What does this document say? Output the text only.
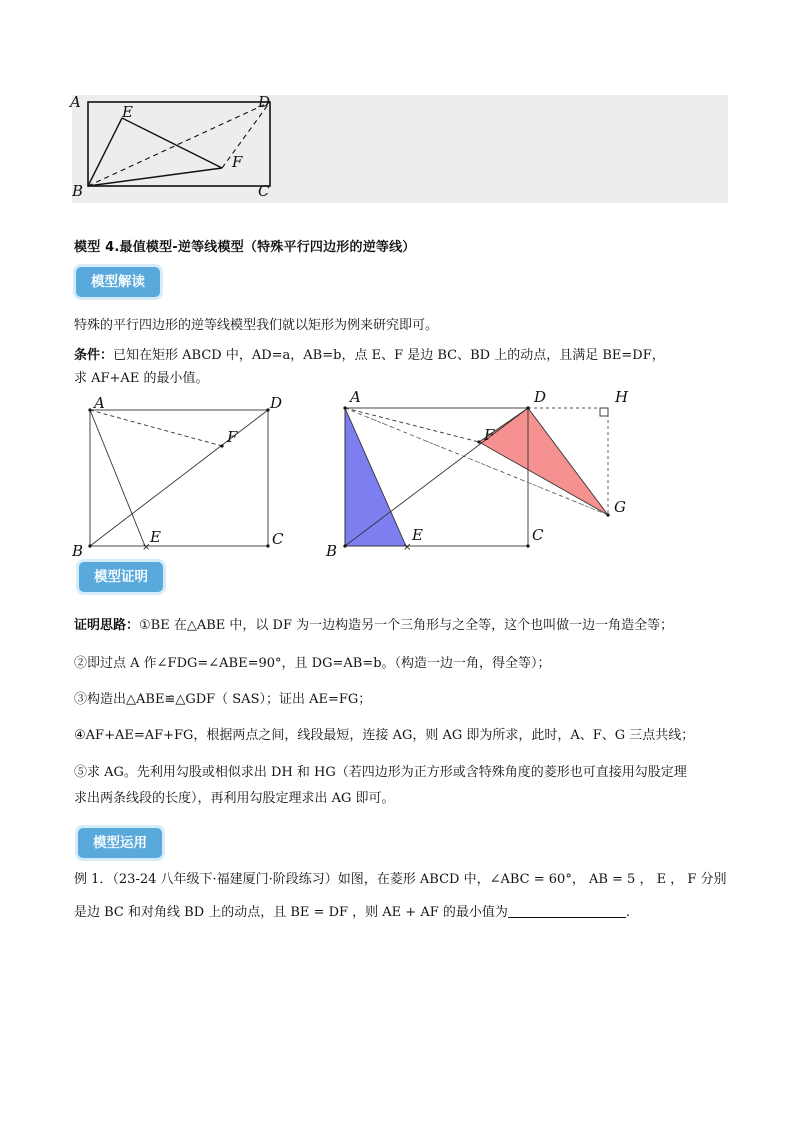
A
E
D
F
B	C
模型 4.最值模型-逆等线模型（特殊平行四边形的逆等线）
模型解读
特殊的平行四边形的逆等线模型我们就以矩形为例来研究即可。
条件：已知在矩形 ABCD 中，AD=a，AB=b，点 E、F 是边 BC、BD 上的动点，且满足 BE=DF，
求 AF+AE 的最小值。
×
A	D
F
B
E	C	×
A	D	H
F
G
C
E
B
模型证明
证明思路：①BE 在△ABE 中，以 DF 为一边构造另一个三角形与之全等，这个也叫做一边一角造全等；
②即过点 A 作∠FDG=∠ABE=90°，且 DG=AB=b。（构造一边一角，得全等）；
③构造出△ABE≌△GDF（ SAS）；证出 AE=FG；
④AF+AE=AF+FG，根据两点之间，线段最短，连接 AG，则 AG 即为所求，此时，A、F、G 三点共线；
⑤求 AG。先利用勾股或相似求出 DH 和 HG（若四边形为正方形或含特殊角度的菱形也可直接用勾股定理
求出两条线段的长度），再利用勾股定理求出 AG 即可。
模型运用
例 1．（23-24 八年级下·福建厦门·阶段练习）如图，在菱形 ABCD 中，∠ABC = 60°， AB = 5 ， E ， F 分别
是边 BC 和对角线 BD 上的动点，且 BE = DF ，则 AE + AF 的最小值为	.
